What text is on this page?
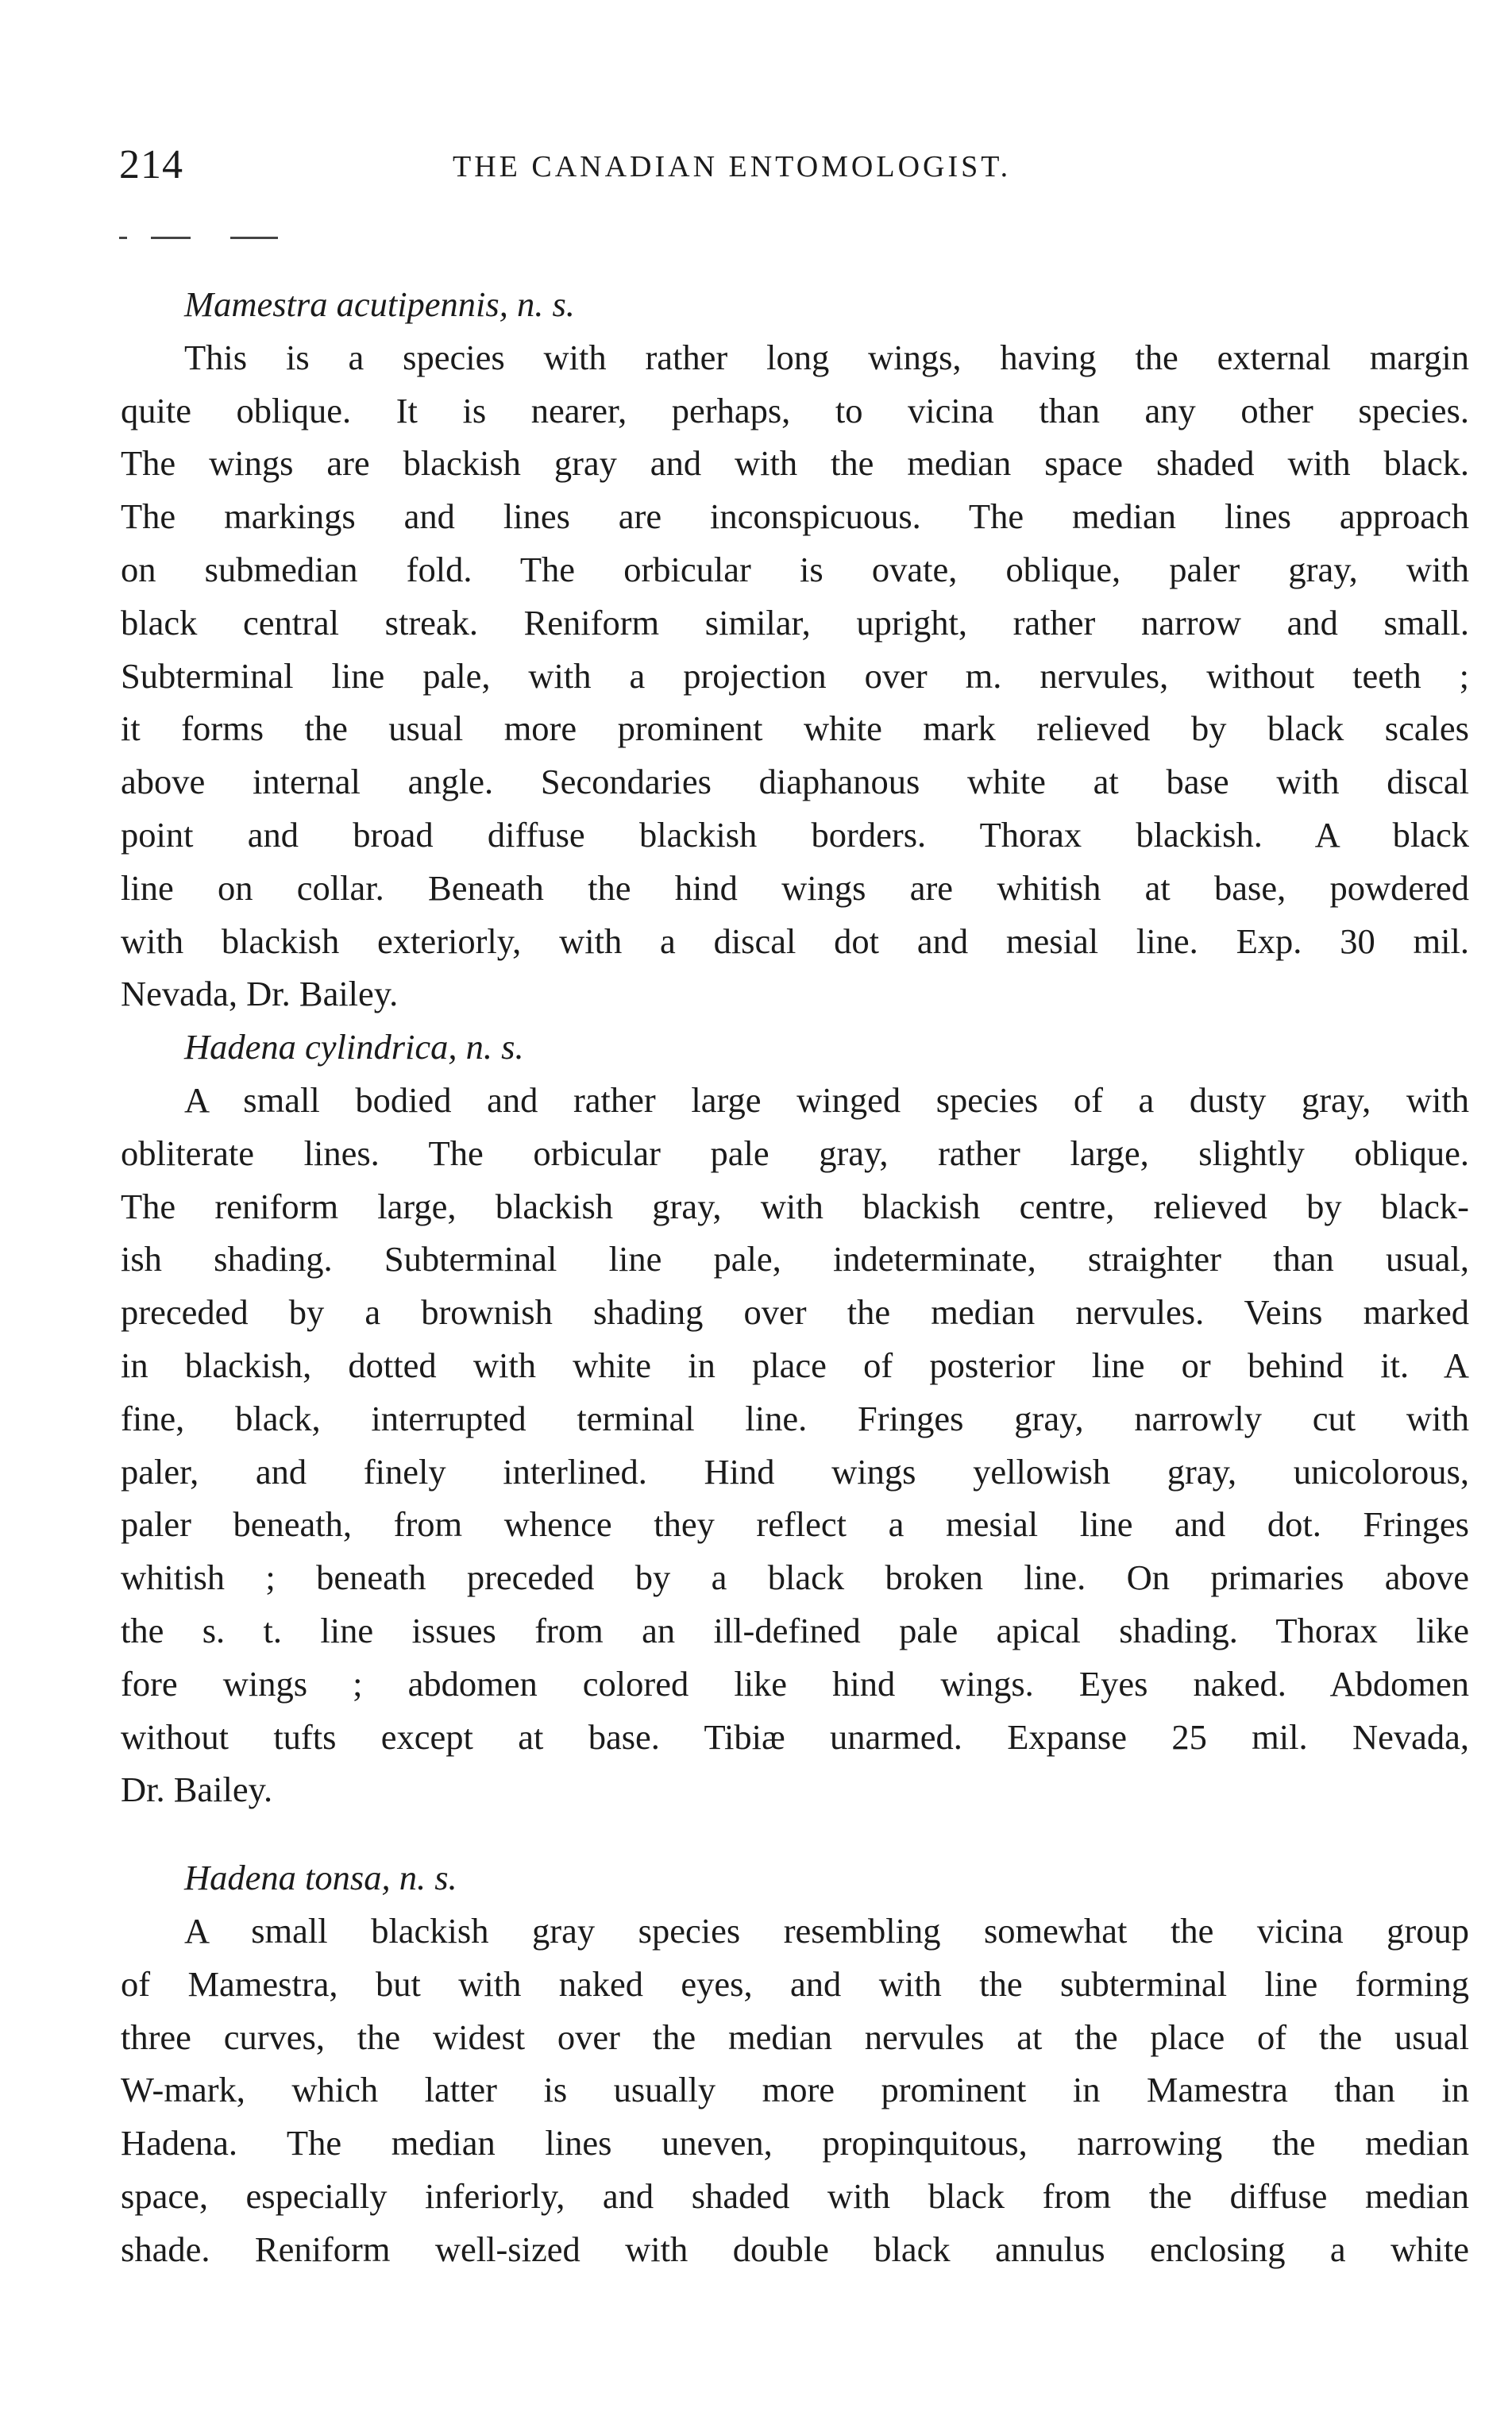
214	THE CANADIAN ENTOMOLOGIST.

Mamestra acutipennis, n. s.

This is a species with rather long wings, having the external margin

quite oblique. It is nearer, perhaps, to vicina than any other species.

The wings are blackish gray and with the median space shaded with black.

The markings and lines are inconspicuous. The median lines approach

on submedian fold. The orbicular is ovate, oblique, paler gray, with

black central streak. Reniform similar, upright, rather narrow and small.

Subterminal line pale, with a projection over m. nervules, without teeth ;

it forms the usual more prominent white mark relieved by black scales

above internal angle. Secondaries diaphanous white at base with discal

point and broad diffuse blackish borders. Thorax blackish. A black

line on collar. Beneath the hind wings are whitish at base, powdered

with blackish exteriorly, with a discal dot and mesial line. Exp. 30 mil.

Nevada, Dr. Bailey.

Hadena cylindrica, n. s.

A small bodied and rather large winged species of a dusty gray, with

obliterate lines. The orbicular pale gray, rather large, slightly oblique.

The reniform large, blackish gray, with blackish centre, relieved by black-

ish shading. Subterminal line pale, indeterminate, straighter than usual,

preceded by a brownish shading over the median nervules. Veins marked

in blackish, dotted with white in place of posterior line or behind it. A

fine, black, interrupted terminal line. Fringes gray, narrowly cut with

paler, and finely interlined. Hind wings yellowish gray, unicolorous,

paler beneath, from whence they reflect a mesial line and dot. Fringes

whitish ; beneath preceded by a black broken line. On primaries above

the s. t. line issues from an ill-defined pale apical shading. Thorax like

fore wings ; abdomen colored like hind wings. Eyes naked. Abdomen

without tufts except at base. Tibiæ unarmed. Expanse 25 mil. Nevada,

Dr. Bailey.

Hadena tonsa, n. s.

A small blackish gray species resembling somewhat the vicina group

of Mamestra, but with naked eyes, and with the subterminal line forming

three curves, the widest over the median nervules at the place of the usual

W-mark, which latter is usually more prominent in Mamestra than in

Hadena. The median lines uneven, propinquitous, narrowing the median

space, especially inferiorly, and shaded with black from the diffuse median

shade. Reniform well-sized with double black annulus enclosing a white
